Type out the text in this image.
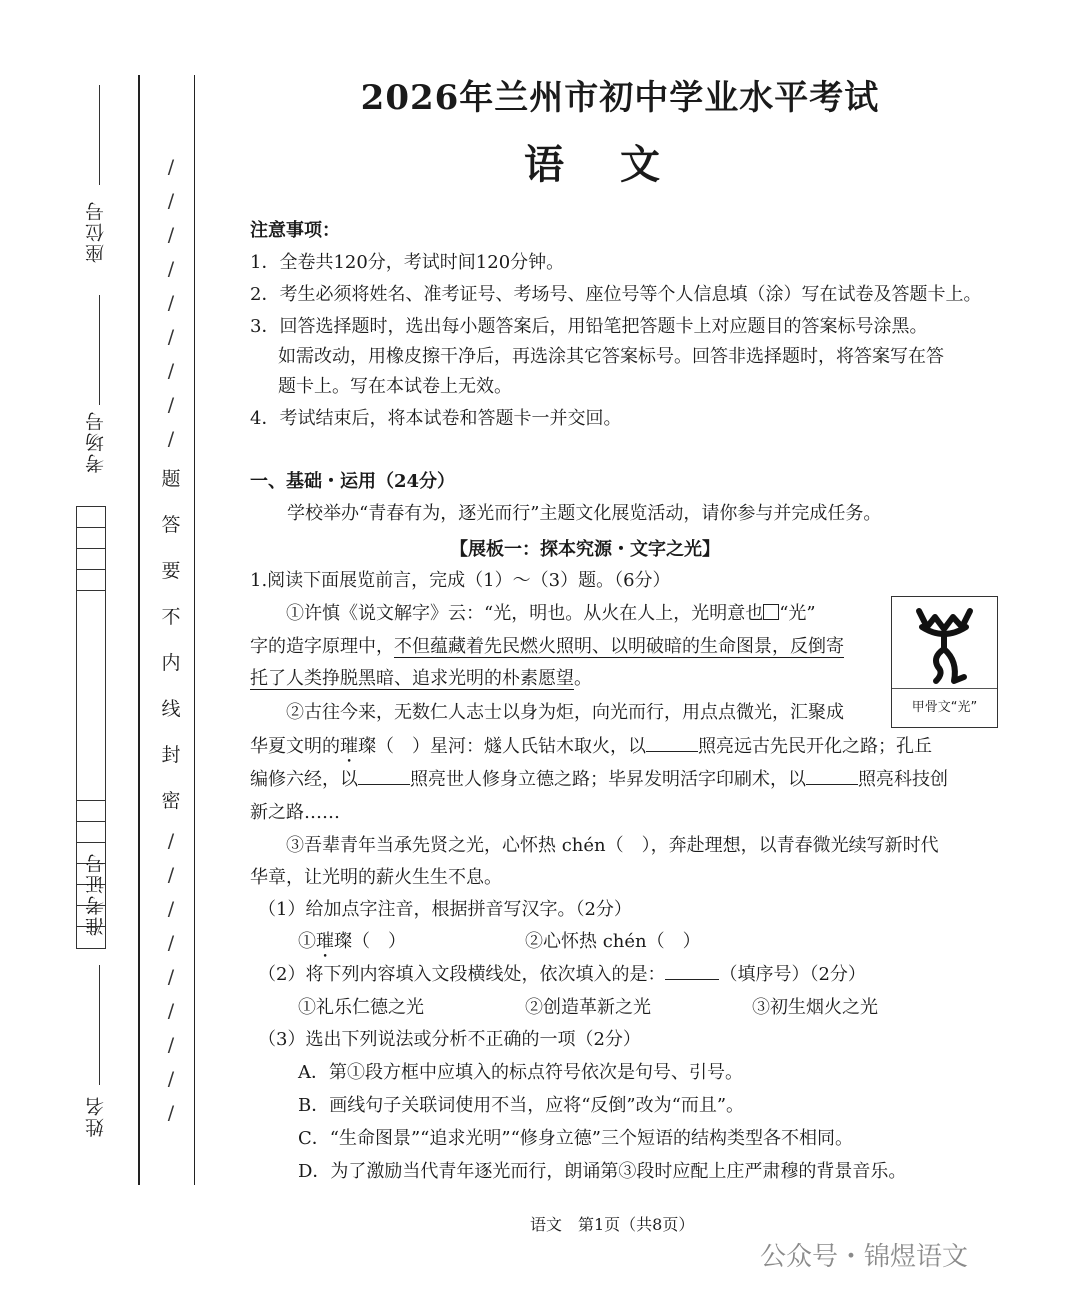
座位号
考场号
准考证号
姓名
/
/
/
/
/
/
/
/
/
题
答
要
不
内
线
封
密
/
/
/
/
/
/
/
/
/
2026年兰州市初中学业水平考试
语文
注意事项：
1．全卷共120分，考试时间120分钟。
2．考生必须将姓名、准考证号、考场号、座位号等个人信息填（涂）写在试卷及答题卡上。
3．回答选择题时，选出每小题答案后，用铅笔把答题卡上对应题目的答案标号涂黑。
如需改动，用橡皮擦干净后，再选涂其它答案标号。回答非选择题时，将答案写在答
题卡上。写在本试卷上无效。
4．考试结束后，将本试卷和答题卡一并交回。
一、基础・运用（24分）
学校举办“青春有为，逐光而行”主题文化展览活动，请你参与并完成任务。
【展板一：探本究源・文字之光】
1.阅读下面展览前言，完成（1）～（3）题。（6分）
①许慎《说文解字》云：“光，明也。从火在人上，光明意也 “光”
字的造字原理中，不但蕴藏着先民燃火照明、以明破暗的生命图景，反倒寄
托了人类挣脱黑暗、追求光明的朴素愿望。
甲骨文“光”
②古往今来，无数仁人志士以身为炬，向光而行，用点点微光，汇聚成
华夏文明的璀璨（　）星河：燧人氏钻木取火，以	照亮远古先民开化之路；孔丘
编修六经，以	照亮世人修身立德之路；毕昇发明活字印刷术，以	照亮科技创
新之路……
③吾辈青年当承先贤之光，心怀热 chén（　），奔赴理想，以青春微光续写新时代
华章，让光明的薪火生生不息。
（1）给加点字注音，根据拼音写汉字。（2分）
①璀璨（　）	②心怀热 chén（　）
（2）将下列内容填入文段横线处，依次填入的是：	（填序号）（2分）
①礼乐仁德之光	②创造革新之光	③初生烟火之光
（3）选出下列说法或分析不正确的一项（2分）
A．第①段方框中应填入的标点符号依次是句号、引号。
B．画线句子关联词使用不当，应将“反倒”改为“而且”。
C．“生命图景”“追求光明”“修身立德”三个短语的结构类型各不相同。
D．为了激励当代青年逐光而行，朗诵第③段时应配上庄严肃穆的背景音乐。
语文　第1页（共8页）
公众号・锦煜语文
